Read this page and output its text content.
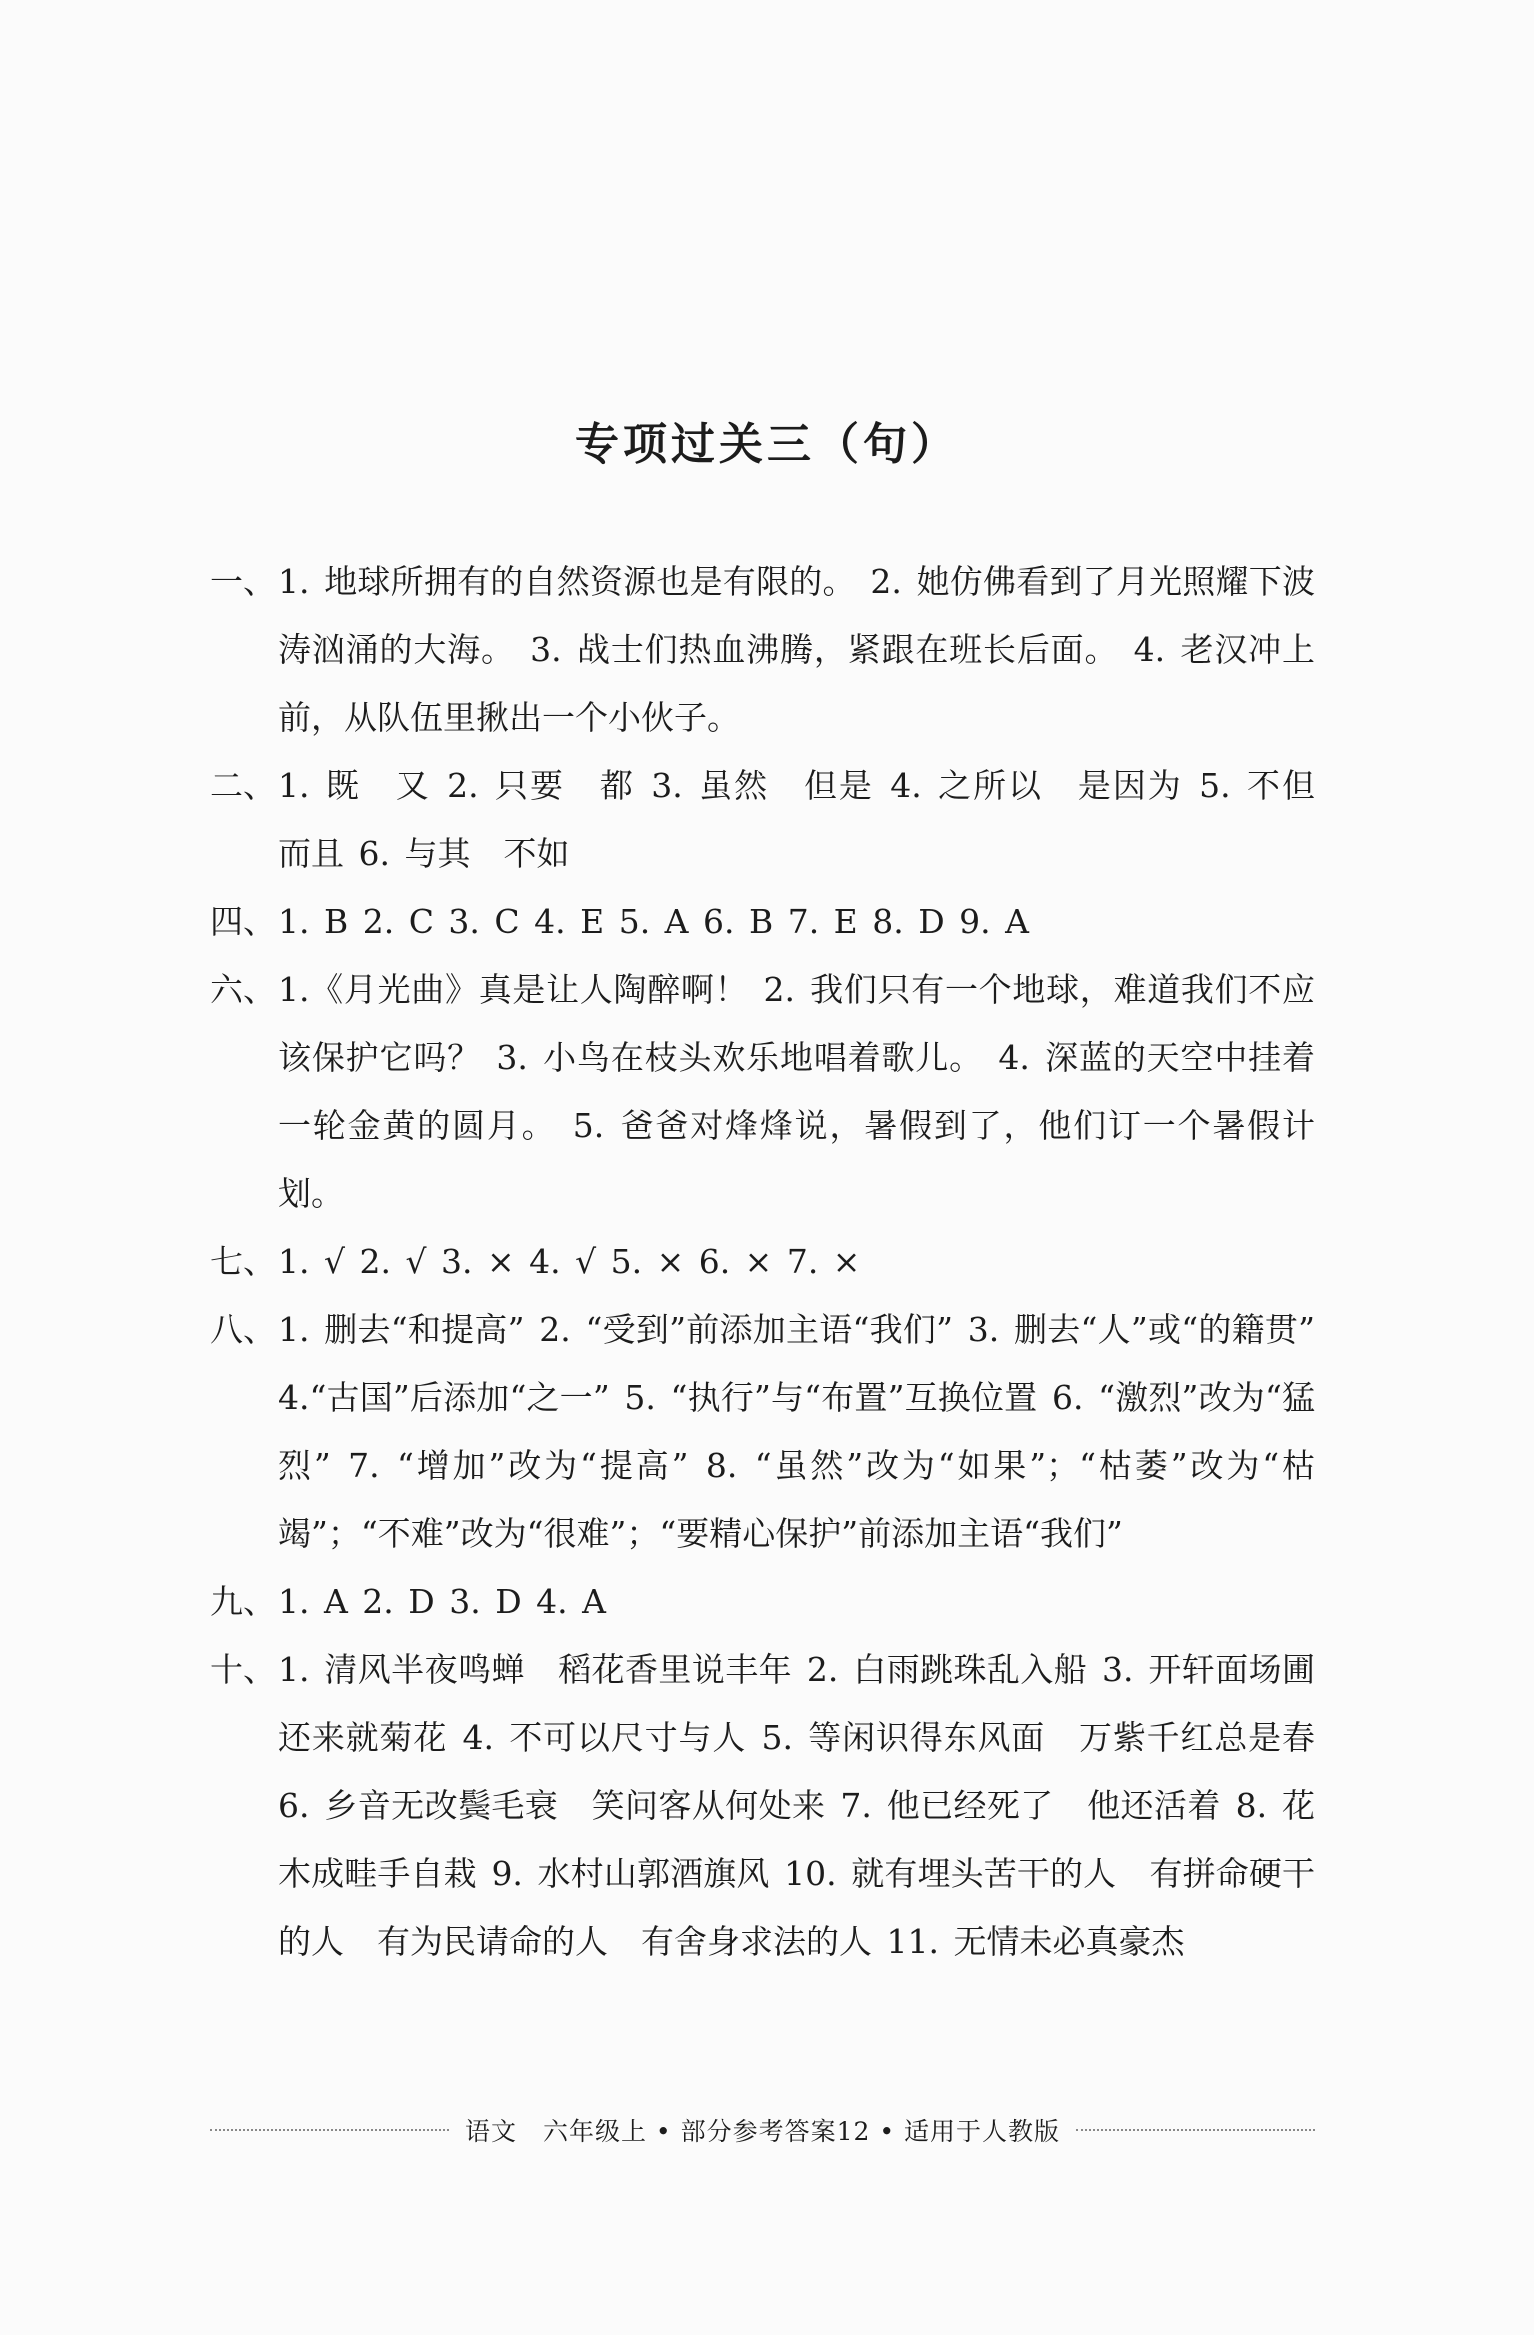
专项过关三（句）
一、 1. 地球所拥有的自然资源也是有限的。 2. 她仿佛看到了月光照耀下波涛汹涌的大海。 3. 战士们热血沸腾，紧跟在班长后面。 4. 老汉冲上前，从队伍里揪出一个小伙子。
二、 1. 既　又 2. 只要　都 3. 虽然　但是 4. 之所以　是因为 5. 不但　而且 6. 与其　不如
四、 1. B 2. C 3. C 4. E 5. A 6. B 7. E 8. D 9. A
六、 1.《月光曲》真是让人陶醉啊！ 2. 我们只有一个地球，难道我们不应该保护它吗？ 3. 小鸟在枝头欢乐地唱着歌儿。 4. 深蓝的天空中挂着一轮金黄的圆月。 5. 爸爸对烽烽说，暑假到了，他们订一个暑假计划。
七、 1. √ 2. √ 3. × 4. √ 5. × 6. × 7. ×
八、 1. 删去“和提高” 2. “受到”前添加主语“我们” 3. 删去“人”或“的籍贯” 4.“古国”后添加“之一” 5. “执行”与“布置”互换位置 6. “激烈”改为“猛烈” 7. “增加”改为“提高” 8. “虽然”改为“如果”；“枯萎”改为“枯竭”；“不难”改为“很难”；“要精心保护”前添加主语“我们”
九、 1. A 2. D 3. D 4. A
十、 1. 清风半夜鸣蝉　稻花香里说丰年 2. 白雨跳珠乱入船 3. 开轩面场圃　还来就菊花 4. 不可以尺寸与人 5. 等闲识得东风面　万紫千红总是春 6. 乡音无改鬓毛衰　笑问客从何处来 7. 他已经死了　他还活着 8. 花木成畦手自栽 9. 水村山郭酒旗风 10. 就有埋头苦干的人　有拼命硬干的人　有为民请命的人　有舍身求法的人 11. 无情未必真豪杰
语文　六年级上 • 部分参考答案12 • 适用于人教版
